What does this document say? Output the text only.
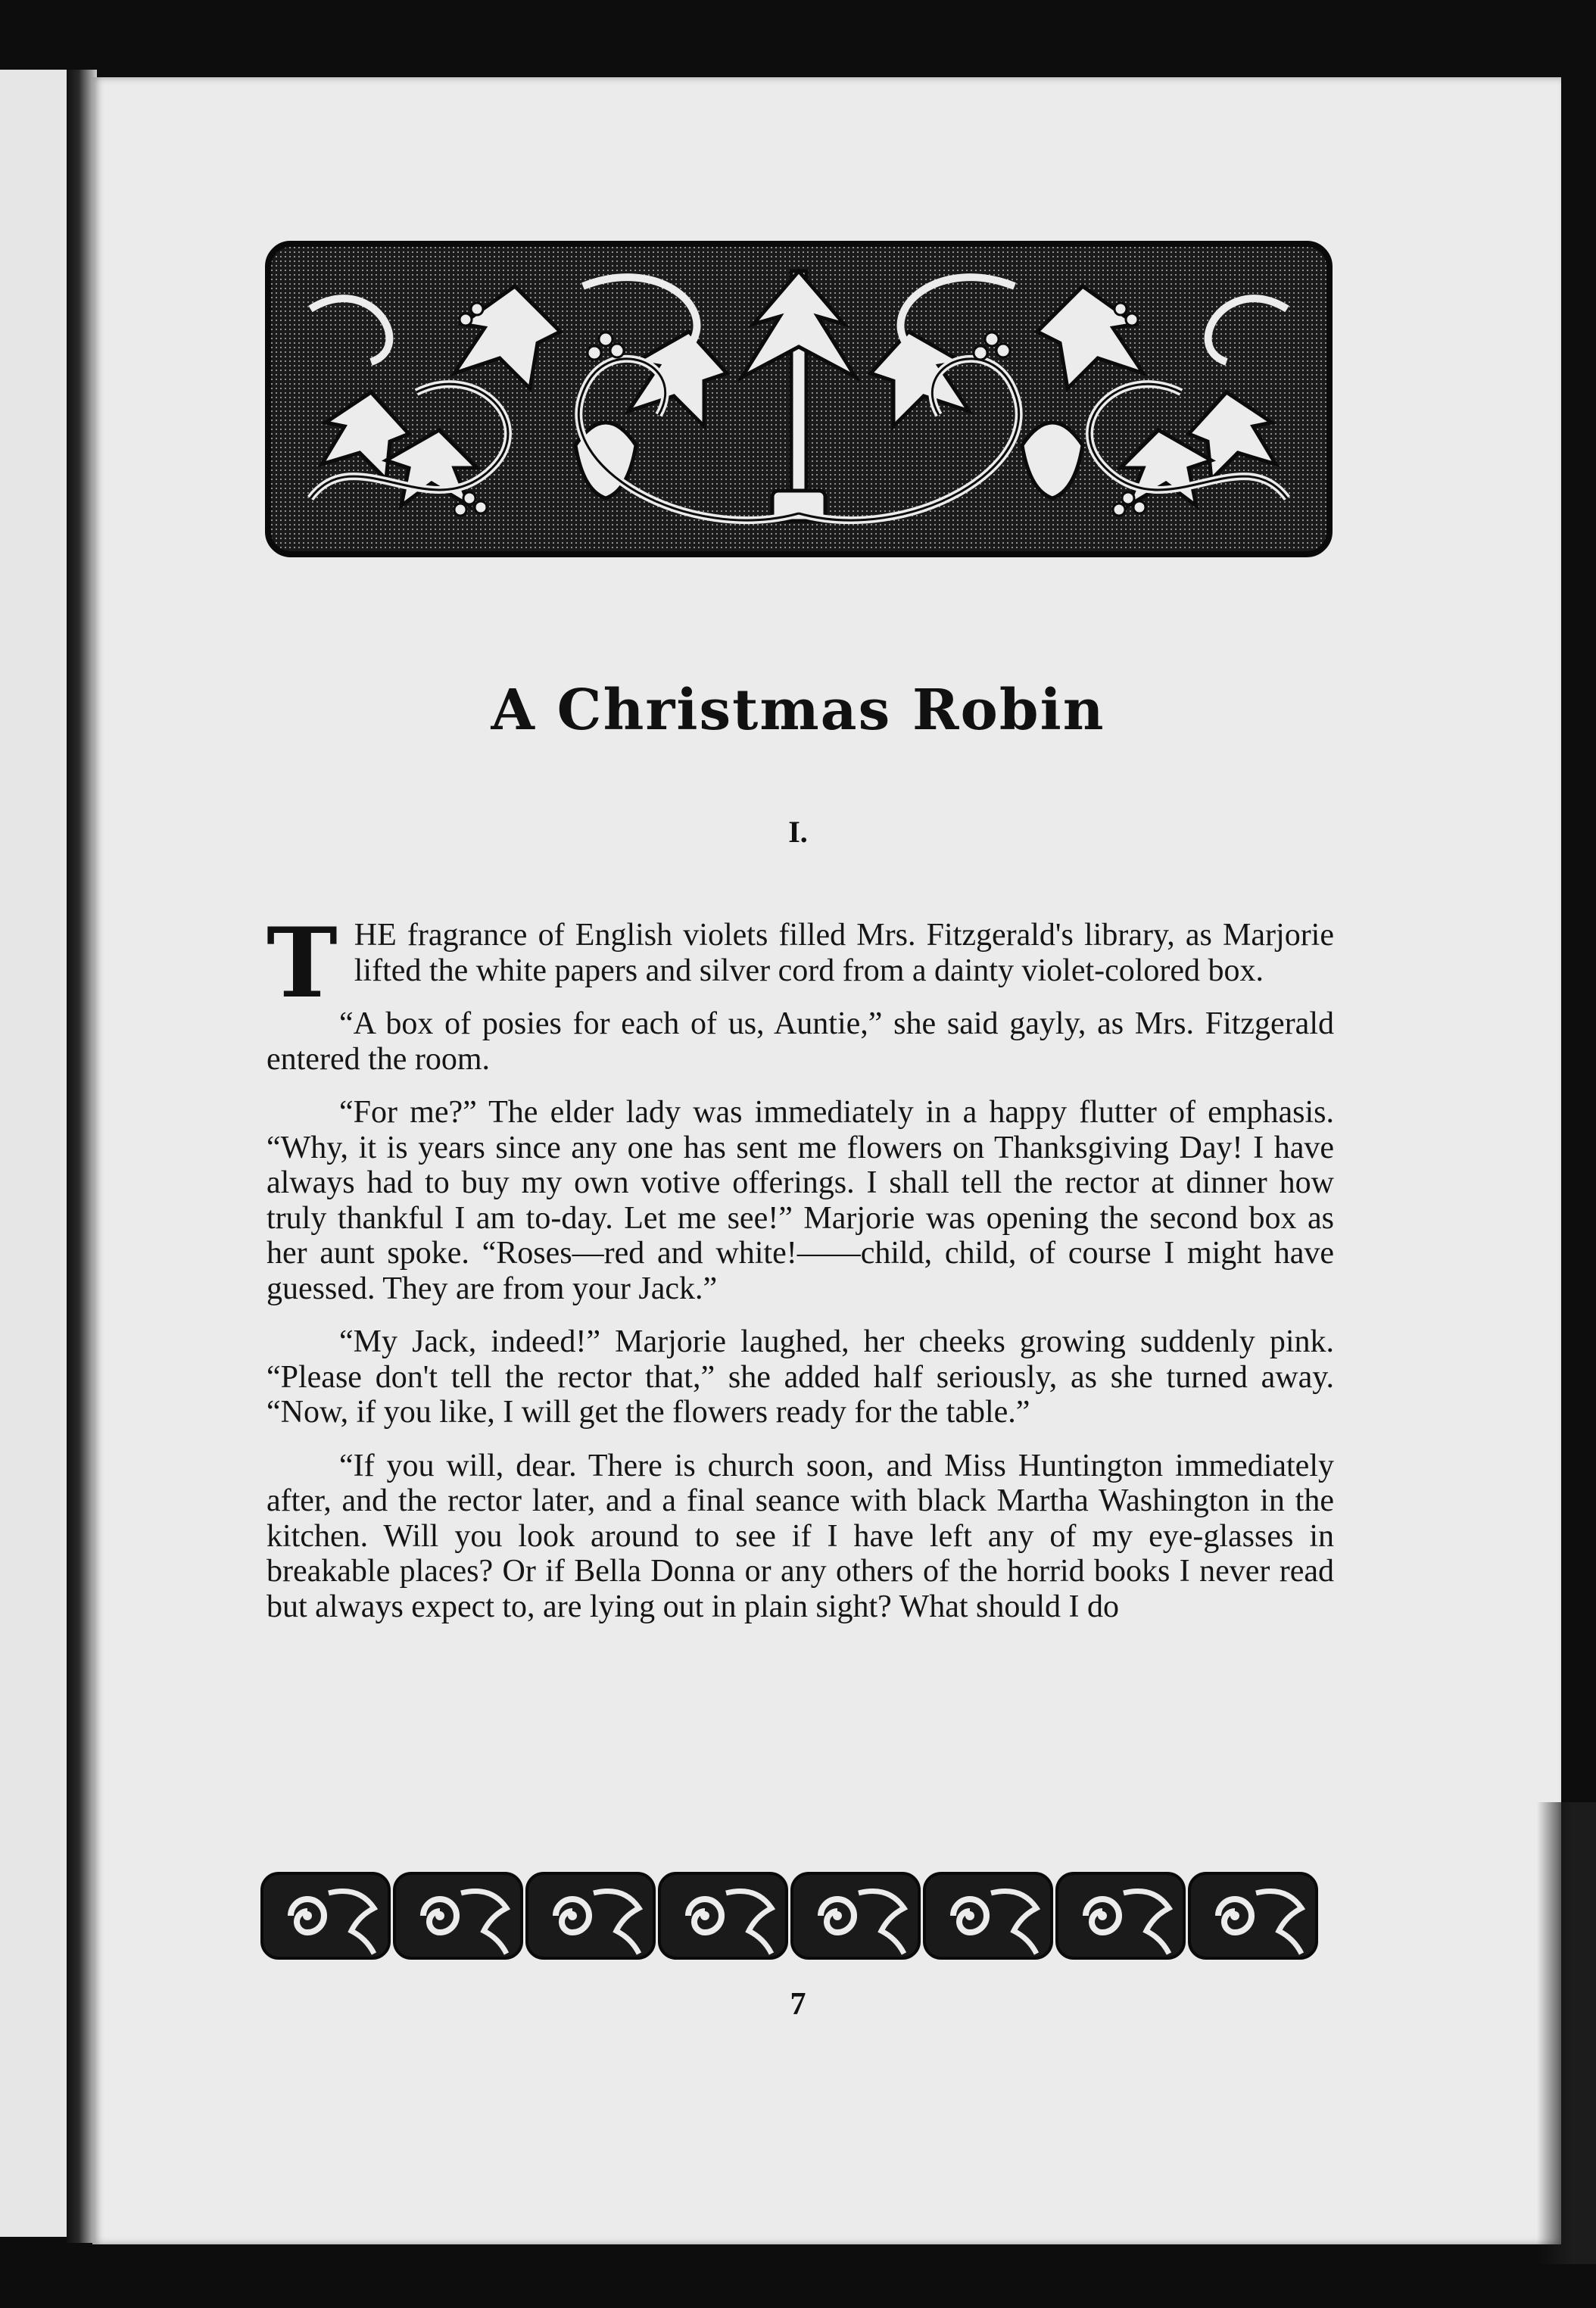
A Christmas Robin
I.

THE fragrance of English violets filled Mrs. Fitzgerald's library, as Marjorie lifted the white papers and silver cord from a dainty violet-colored box.

“A box of posies for each of us, Auntie,” she said gayly, as Mrs. Fitzgerald entered the room.

“For me?” The elder lady was immediately in a happy flutter of emphasis. “Why, it is years since any one has sent me flowers on Thanksgiving Day! I have always had to buy my own votive offerings. I shall tell the rector at dinner how truly thankful I am to-day. Let me see!” Marjorie was opening the second box as her aunt spoke. “Roses—red and white!——child, child, of course I might have guessed. They are from your Jack.”

“My Jack, indeed!” Marjorie laughed, her cheeks growing suddenly pink. “Please don't tell the rector that,” she added half seriously, as she turned away. “Now, if you like, I will get the flowers ready for the table.”

“If you will, dear. There is church soon, and Miss Huntington immediately after, and the rector later, and a final seance with black Martha Washington in the kitchen. Will you look around to see if I have left any of my eye-glasses in breakable places? Or if Bella Donna or any others of the horrid books I never read but always expect to, are lying out in plain sight? What should I do

7
